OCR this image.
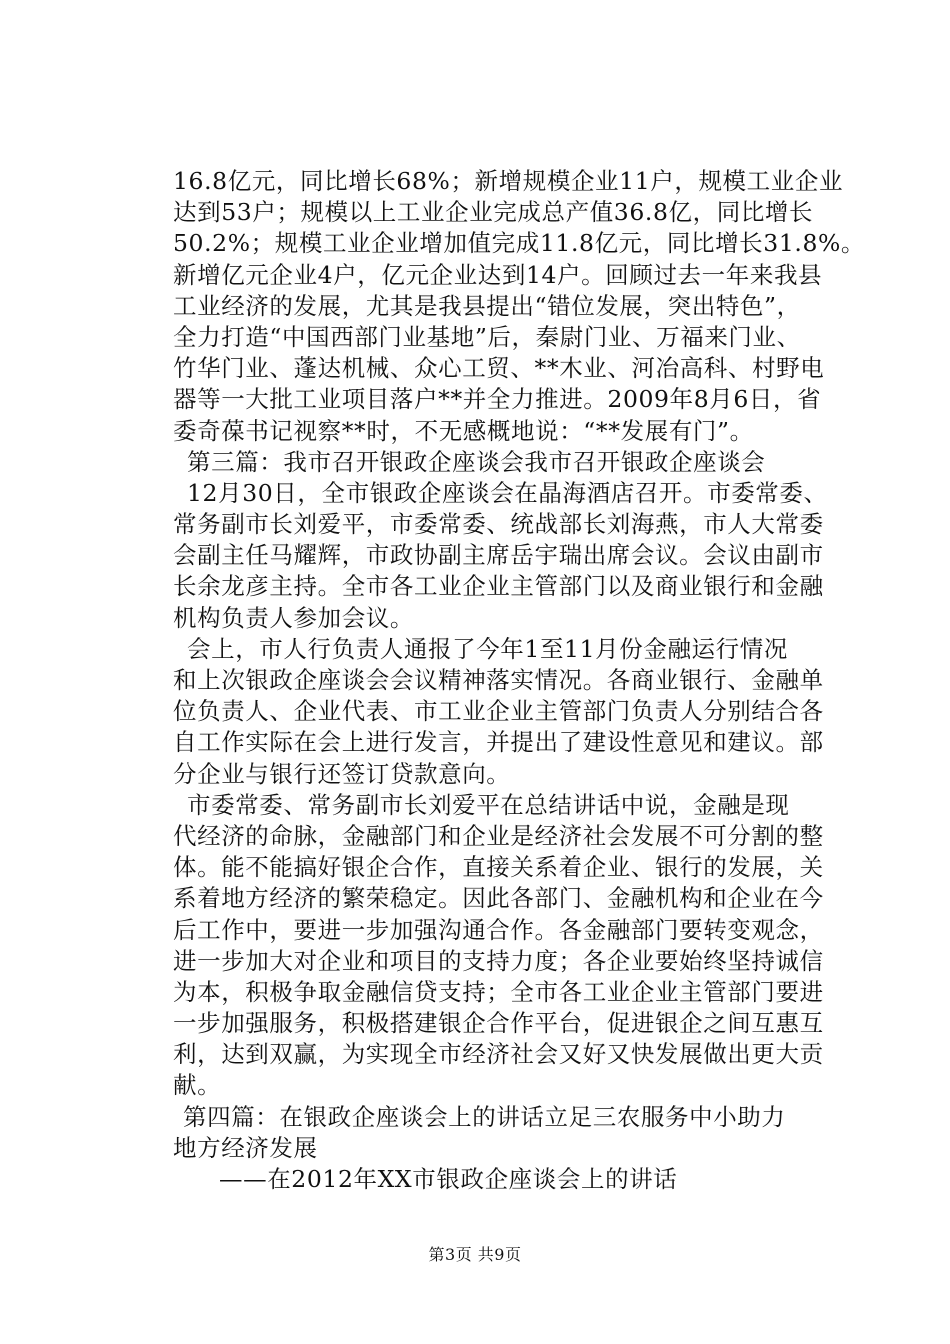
16.8亿元，同比增长68%；新增规模企业11户，规模工业企业
达到53户；规模以上工业企业完成总产值36.8亿，同比增长
50.2%；规模工业企业增加值完成11.8亿元，同比增长31.8%。
新增亿元企业4户，亿元企业达到14户。回顾过去一年来我县
工业经济的发展，尤其是我县提出“错位发展，突出特色”，
全力打造“中国西部门业基地”后，秦尉门业、万福来门业、
竹华门业、蓬达机械、众心工贸、**木业、河冶高科、村野电
器等一大批工业项目落户**并全力推进。2009年8月6日，省
委奇葆书记视察**时，不无感概地说：“**发展有门”。
第三篇：我市召开银政企座谈会我市召开银政企座谈会
12月30日，全市银政企座谈会在晶海酒店召开。市委常委、
常务副市长刘爱平，市委常委、统战部长刘海燕，市人大常委
会副主任马耀辉，市政协副主席岳宇瑞出席会议。会议由副市
长余龙彦主持。全市各工业企业主管部门以及商业银行和金融
机构负责人参加会议。
会上，市人行负责人通报了今年1至11月份金融运行情况
和上次银政企座谈会会议精神落实情况。各商业银行、金融单
位负责人、企业代表、市工业企业主管部门负责人分别结合各
自工作实际在会上进行发言，并提出了建设性意见和建议。部
分企业与银行还签订贷款意向。
市委常委、常务副市长刘爱平在总结讲话中说，金融是现
代经济的命脉，金融部门和企业是经济社会发展不可分割的整
体。能不能搞好银企合作，直接关系着企业、银行的发展，关
系着地方经济的繁荣稳定。因此各部门、金融机构和企业在今
后工作中，要进一步加强沟通合作。各金融部门要转变观念，
进一步加大对企业和项目的支持力度；各企业要始终坚持诚信
为本，积极争取金融信贷支持；全市各工业企业主管部门要进
一步加强服务，积极搭建银企合作平台，促进银企之间互惠互
利，达到双赢，为实现全市经济社会又好又快发展做出更大贡
献。
第四篇：在银政企座谈会上的讲话立足三农服务中小助力
地方经济发展
——在2012年XX市银政企座谈会上的讲话
第3页 共9页
